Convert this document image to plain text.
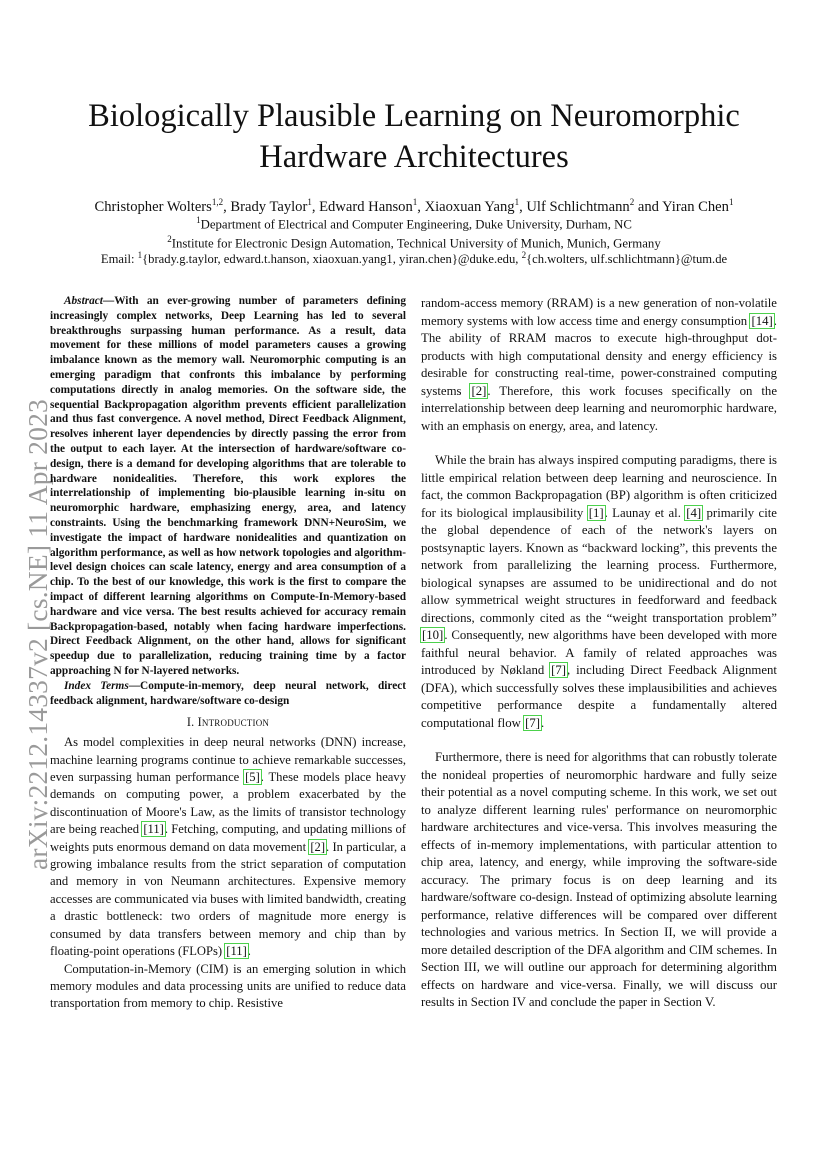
arXiv:2212.14337v2 [cs.NE] 11 Apr 2023
Biologically Plausible Learning on Neuromorphic
Hardware Architectures
Christopher Wolters$^{1,2}$, Brady Taylor$^1$, Edward Hanson$^1$, Xiaoxuan Yang$^1$, Ulf Schlichtmann$^2$ and Yiran Chen$^1$
$^1$Department of Electrical and Computer Engineering, Duke University, Durham, NC
$^2$Institute for Electronic Design Automation, Technical University of Munich, Munich, Germany
Email: $^1${brady.g.taylor, edward.t.hanson, xiaoxuan.yang1, yiran.chen}@duke.edu, $^2${ch.wolters, ulf.schlichtmann}@tum.de

Abstract—With an ever-growing number of parameters defining increasingly complex networks, Deep Learning has led to several breakthroughs surpassing human performance. As a result, data movement for these millions of model parameters causes a growing imbalance known as the memory wall. Neuromorphic computing is an emerging paradigm that confronts this imbalance by performing computations directly in analog memories. On the software side, the sequential Backpropagation algorithm prevents efficient parallelization and thus fast convergence. A novel method, Direct Feedback Alignment, resolves inherent layer dependencies by directly passing the error from the output to each layer. At the intersection of hardware/software co-design, there is a demand for developing algorithms that are tolerable to hardware nonidealities. Therefore, this work explores the interrelationship of implementing bio-plausible learning in-situ on neuromorphic hardware, emphasizing energy, area, and latency constraints. Using the benchmarking framework DNN+NeuroSim, we investigate the impact of hardware nonidealities and quantization on algorithm performance, as well as how network topologies and algorithm-level design choices can scale latency, energy and area consumption of a chip. To the best of our knowledge, this work is the first to compare the impact of different learning algorithms on Compute-In-Memory-based hardware and vice versa. The best results achieved for accuracy remain Backpropagation-based, notably when facing hardware imperfections. Direct Feedback Alignment, on the other hand, allows for significant speedup due to parallelization, reducing training time by a factor approaching N for N-layered networks.

Index Terms—Compute-in-memory, deep neural network, direct feedback alignment, hardware/software co-design

I. Introduction

As model complexities in deep neural networks (DNN) increase, machine learning programs continue to achieve remarkable successes, even surpassing human performance [5]. These models place heavy demands on computing power, a problem exacerbated by the discontinuation of Moore's Law, as the limits of transistor technology are being reached [11]. Fetching, computing, and updating millions of weights puts enormous demand on data movement [2]. In particular, a growing imbalance results from the strict separation of computation and memory in von Neumann architectures. Expensive memory accesses are communicated via buses with limited bandwidth, creating a drastic bottleneck: two orders of magnitude more energy is consumed by data transfers between memory and chip than by floating-point operations (FLOPs) [11].

Computation-in-Memory (CIM) is an emerging solution in which memory modules and data processing units are unified to reduce data transportation from memory to chip. Resistive

random-access memory (RRAM) is a new generation of non-volatile memory systems with low access time and energy consumption [14]. The ability of RRAM macros to execute high-throughput dot-products with high computational density and energy efficiency is desirable for constructing real-time, power-constrained computing systems [2]. Therefore, this work focuses specifically on the interrelationship between deep learning and neuromorphic hardware, with an emphasis on energy, area, and latency.

While the brain has always inspired computing paradigms, there is little empirical relation between deep learning and neuroscience. In fact, the common Backpropagation (BP) algorithm is often criticized for its biological implausibility [1]. Launay et al. [4] primarily cite the global dependence of each of the network's layers on postsynaptic layers. Known as “backward locking”, this prevents the network from parallelizing the learning process. Furthermore, biological synapses are assumed to be unidirectional and do not allow symmetrical weight structures in feedforward and feedback directions, commonly cited as the “weight transportation problem” [10]. Consequently, new algorithms have been developed with more faithful neural behavior. A family of related approaches was introduced by Nøkland [7], including Direct Feedback Alignment (DFA), which successfully solves these implausibilities and achieves competitive performance despite a fundamentally altered computational flow [7].

Furthermore, there is need for algorithms that can robustly tolerate the nonideal properties of neuromorphic hardware and fully seize their potential as a novel computing scheme. In this work, we set out to analyze different learning rules' performance on neuromorphic hardware architectures and vice-versa. This involves measuring the effects of in-memory implementations, with particular attention to chip area, latency, and energy, while improving the software-side accuracy. The primary focus is on deep learning and its hardware/software co-design. Instead of optimizing absolute learning performance, relative differences will be compared over different technologies and various metrics. In Section II, we will provide a more detailed description of the DFA algorithm and CIM schemes. In Section III, we will outline our approach for determining algorithm effects on hardware and vice-versa. Finally, we will discuss our results in Section IV and conclude the paper in Section V.
